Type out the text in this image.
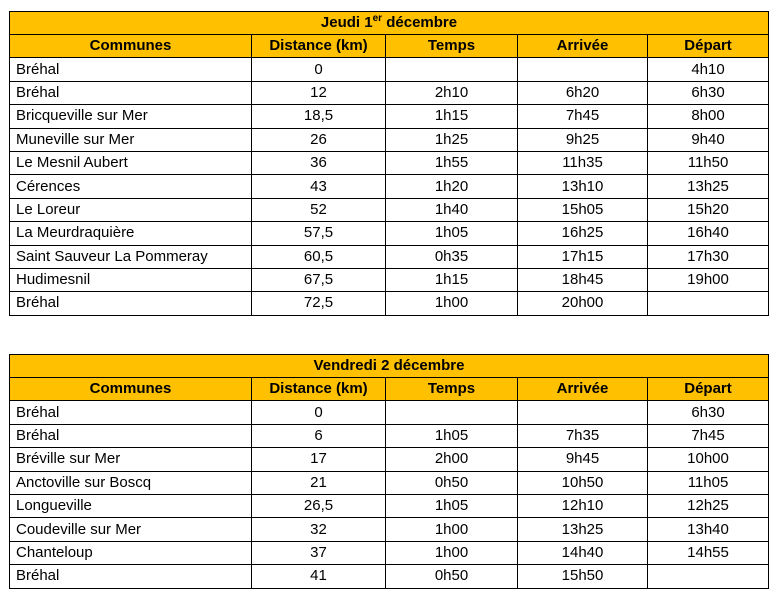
Jeudi 1er décembre				
Communes	Distance (km)	Temps	Arrivée	Départ
Bréhal	0			4h10
Bréhal	12	2h10	6h20	6h30
Bricqueville sur Mer	18,5	1h15	7h45	8h00
Muneville sur Mer	26	1h25	9h25	9h40
Le Mesnil Aubert	36	1h55	11h35	11h50
Cérences	43	1h20	13h10	13h25
Le Loreur	52	1h40	15h05	15h20
La Meurdraquière	57,5	1h05	16h25	16h40
Saint Sauveur La Pommeray	60,5	0h35	17h15	17h30
Hudimesnil	67,5	1h15	18h45	19h00
Bréhal	72,5	1h00	20h00	
Vendredi 2 décembre				
Communes	Distance (km)	Temps	Arrivée	Départ
Bréhal	0			6h30
Bréhal	6	1h05	7h35	7h45
Bréville sur Mer	17	2h00	9h45	10h00
Anctoville sur Boscq	21	0h50	10h50	11h05
Longueville	26,5	1h05	12h10	12h25
Coudeville sur Mer	32	1h00	13h25	13h40
Chanteloup	37	1h00	14h40	14h55
Bréhal	41	0h50	15h50	
